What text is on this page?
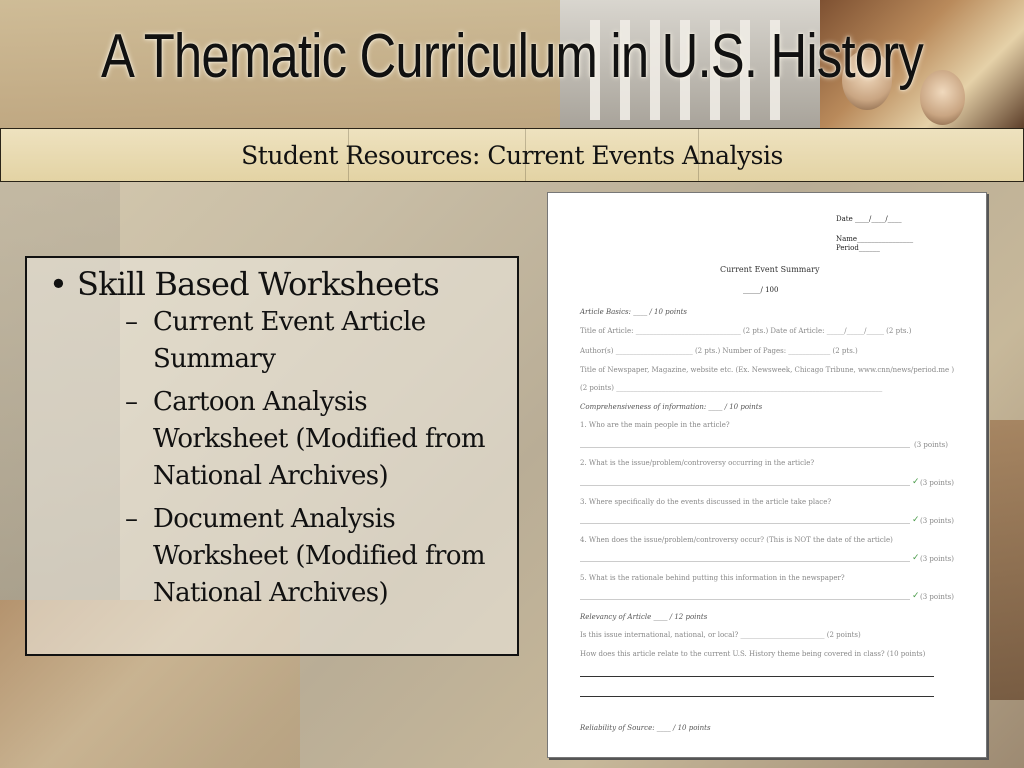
A Thematic Curriculum in U.S. History
Student Resources: Current Events Analysis
• Skill Based Worksheets
– Current Event Article Summary
– Cartoon Analysis Worksheet (Modified from National Archives)
– Document Analysis Worksheet (Modified from National Archives)
Date ____/____/____
Name________________
Period______
Current Event Summary
_____/ 100
Article Basics: ____ / 10 points
Title of Article: ______________________________ (2 pts.) Date of Article: _____/_____/_____ (2 pts.)
Author(s) ______________________ (2 pts.) Number of Pages: ____________ (2 pts.)
Title of Newspaper, Magazine, website etc. (Ex. Newsweek, Chicago Tribune, www.cnn/news/period.me )
(2 points) ____________________________________________________________________________
Comprehensiveness of information: ____ / 10 points
1. Who are the main people in the article?
(3 points)
2. What is the issue/problem/controversy occurring in the article?
✓ (3 points)
3. Where specifically do the events discussed in the article take place?
✓ (3 points)
4. When does the issue/problem/controversy occur? (This is NOT the date of the article)
✓ (3 points)
5. What is the rationale behind putting this information in the newspaper?
✓ (3 points)
Relevancy of Article ____ / 12 points
Is this issue international, national, or local? ________________________ (2 points)
How does this article relate to the current U.S. History theme being covered in class? (10 points)
Reliability of Source: ____ / 10 points
